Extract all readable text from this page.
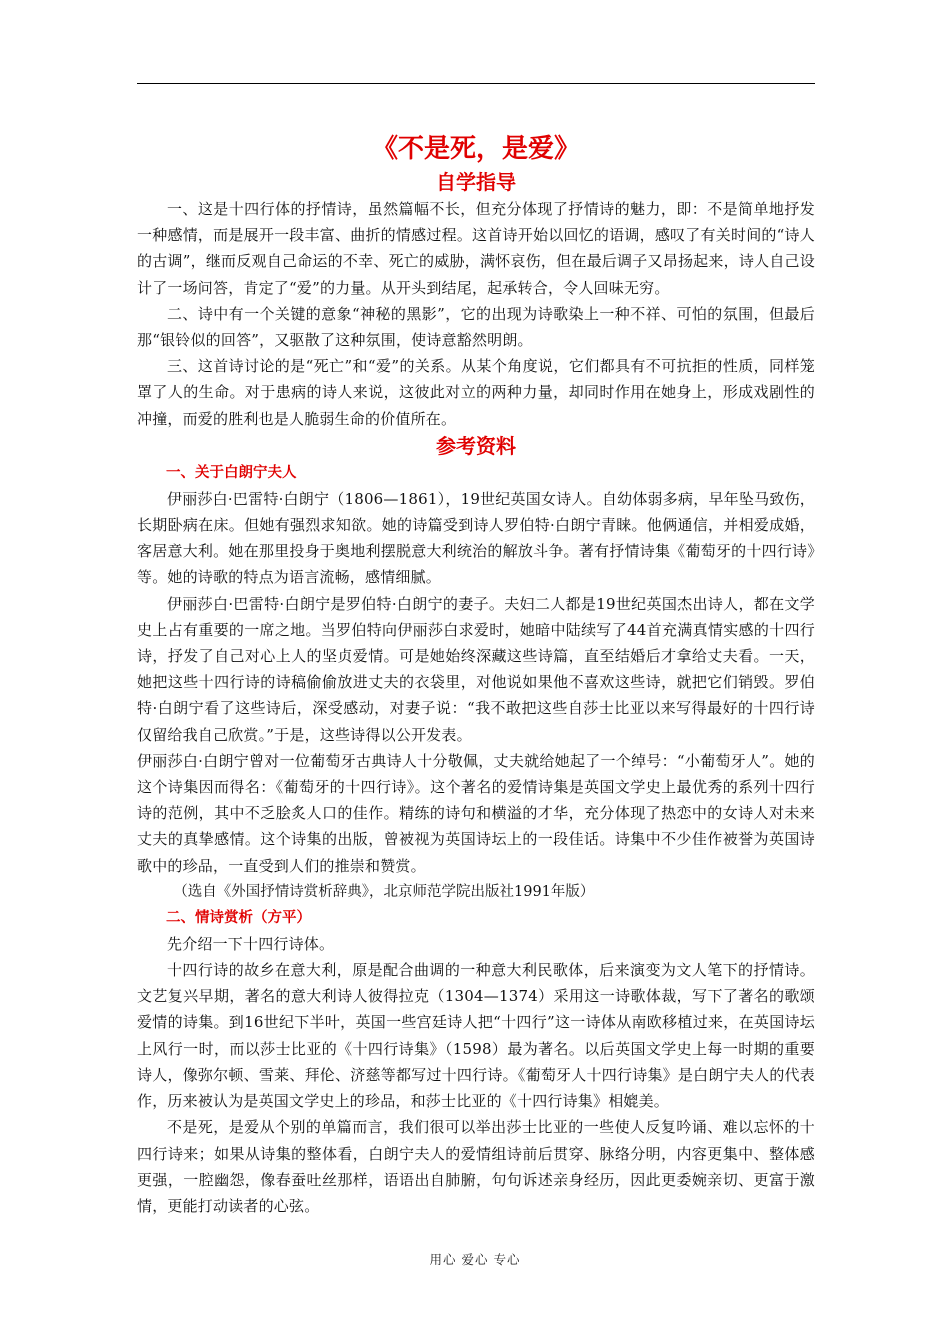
《不是死，是爱》
自学指导

一、这是十四行体的抒情诗，虽然篇幅不长，但充分体现了抒情诗的魅力，即：不是简单地抒发一种感情，而是展开一段丰富、曲折的情感过程。这首诗开始以回忆的语调，感叹了有关时间的“诗人的古调”，继而反观自己命运的不幸、死亡的威胁，满怀哀伤，但在最后调子又昂扬起来，诗人自己设计了一场问答，肯定了“爱”的力量。从开头到结尾，起承转合，令人回味无穷。

二、诗中有一个关键的意象“神秘的黑影”，它的出现为诗歌染上一种不祥、可怕的氛围，但最后那“银铃似的回答”，又驱散了这种氛围，使诗意豁然明朗。

三、这首诗讨论的是“死亡”和“爱”的关系。从某个角度说，它们都具有不可抗拒的性质，同样笼罩了人的生命。对于患病的诗人来说，这彼此对立的两种力量，却同时作用在她身上，形成戏剧性的冲撞，而爱的胜利也是人脆弱生命的价值所在。

参考资料
一、关于白朗宁夫人

伊丽莎白·巴雷特·白朗宁（1806—1861），19世纪英国女诗人。自幼体弱多病，早年坠马致伤，长期卧病在床。但她有强烈求知欲。她的诗篇受到诗人罗伯特·白朗宁青睐。他俩通信，并相爱成婚，客居意大利。她在那里投身于奥地利摆脱意大利统治的解放斗争。著有抒情诗集《葡萄牙的十四行诗》等。她的诗歌的特点为语言流畅，感情细腻。

伊丽莎白·巴雷特·白朗宁是罗伯特·白朗宁的妻子。夫妇二人都是19世纪英国杰出诗人，都在文学史上占有重要的一席之地。当罗伯特向伊丽莎白求爱时，她暗中陆续写了44首充满真情实感的十四行诗，抒发了自己对心上人的坚贞爱情。可是她始终深藏这些诗篇，直至结婚后才拿给丈夫看。一天，她把这些十四行诗的诗稿偷偷放进丈夫的衣袋里，对他说如果他不喜欢这些诗，就把它们销毁。罗伯特·白朗宁看了这些诗后，深受感动，对妻子说：“我不敢把这些自莎士比亚以来写得最好的十四行诗仅留给我自己欣赏。”于是，这些诗得以公开发表。

伊丽莎白·白朗宁曾对一位葡萄牙古典诗人十分敬佩，丈夫就给她起了一个绰号：“小葡萄牙人”。她的这个诗集因而得名：《葡萄牙的十四行诗》。这个著名的爱情诗集是英国文学史上最优秀的系列十四行诗的范例，其中不乏脍炙人口的佳作。精练的诗句和横溢的才华，充分体现了热恋中的女诗人对未来丈夫的真挚感情。这个诗集的出版，曾被视为英国诗坛上的一段佳话。诗集中不少佳作被誉为英国诗歌中的珍品，一直受到人们的推崇和赞赏。

（选自《外国抒情诗赏析辞典》，北京师范学院出版社1991年版）

二、情诗赏析（方平）

先介绍一下十四行诗体。

十四行诗的故乡在意大利，原是配合曲调的一种意大利民歌体，后来演变为文人笔下的抒情诗。文艺复兴早期，著名的意大利诗人彼得拉克（1304—1374）采用这一诗歌体裁，写下了著名的歌颂爱情的诗集。到16世纪下半叶，英国一些宫廷诗人把“十四行”这一诗体从南欧移植过来，在英国诗坛上风行一时，而以莎士比亚的《十四行诗集》（1598）最为著名。以后英国文学史上每一时期的重要诗人，像弥尔顿、雪莱、拜伦、济慈等都写过十四行诗。《葡萄牙人十四行诗集》是白朗宁夫人的代表作，历来被认为是英国文学史上的珍品，和莎士比亚的《十四行诗集》相媲美。

不是死，是爱从个别的单篇而言，我们很可以举出莎士比亚的一些使人反复吟诵、难以忘怀的十四行诗来；如果从诗集的整体看，白朗宁夫人的爱情组诗前后贯穿、脉络分明，内容更集中、整体感更强，一腔幽怨，像春蚕吐丝那样，语语出自肺腑，句句诉述亲身经历，因此更委婉亲切、更富于激情，更能打动读者的心弦。

用心 爱心 专心
